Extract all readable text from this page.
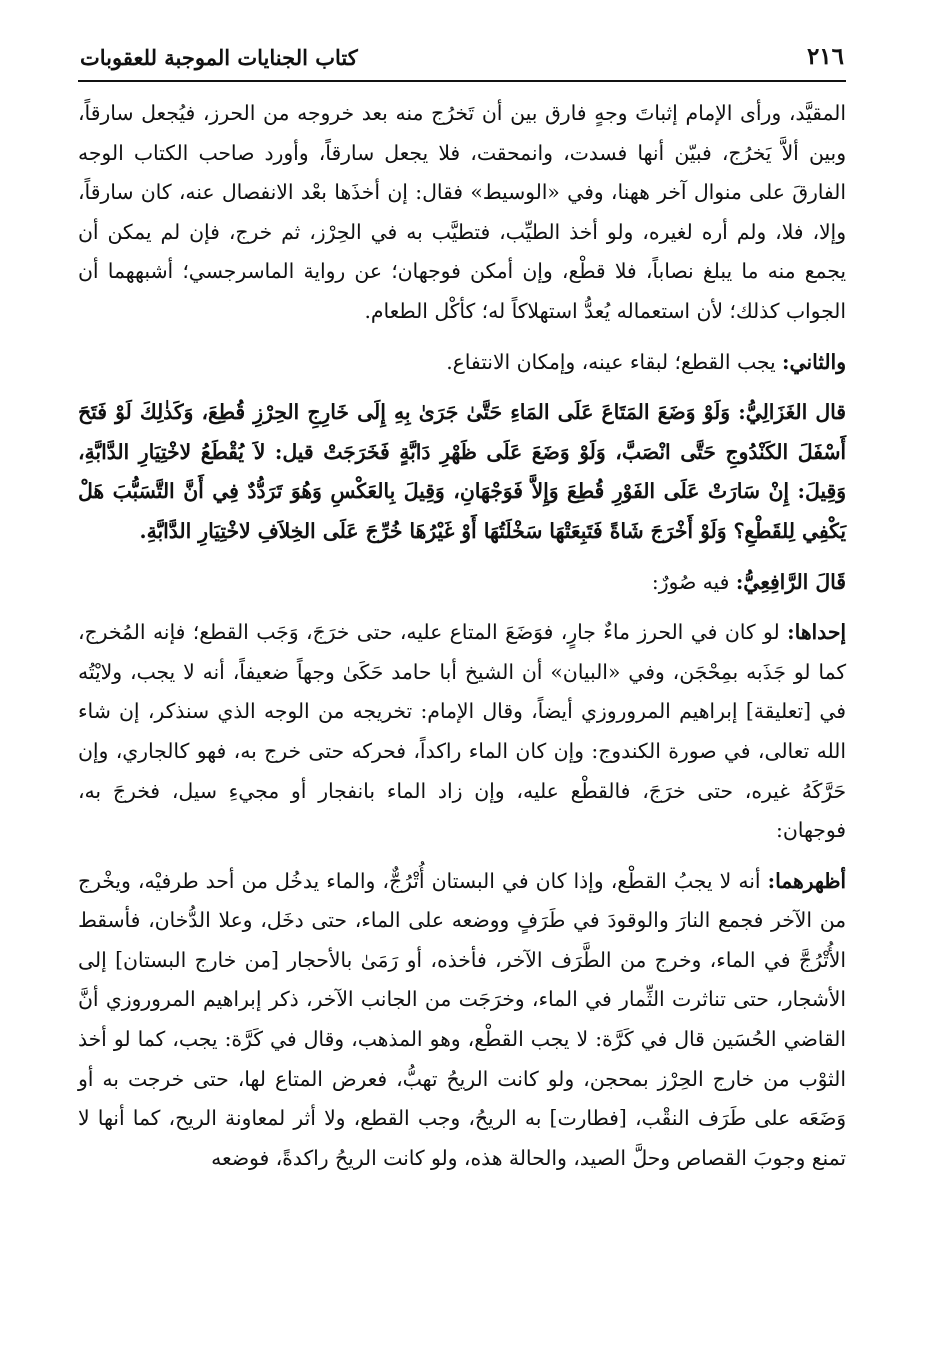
٢١٦
كتاب الجنايات الموجبة للعقوبات

المقيَّد، ورأى الإمام إثباتَ وجهٍ فارق بين أن تَخرُج منه بعد خروجه من الحرز، فيُجعل سارقاً، وبين ألاَّ يَخرُج، فبيّن أنها فسدت، وانمحقت، فلا يجعل سارقاً، وأورد صاحب الكتاب الوجه الفارقَ على منوال آخر ههنا، وفي «الوسيط» فقال: إن أخذَها بعْد الانفصال عنه، كان سارقاً، وإلا، فلا، ولم أره لغيره، ولو أخذ الطيِّب، فتطيَّب به في الحِرْز، ثم خرج، فإن لم يمكن أن يجمع منه ما يبلغ نصاباً، فلا قطْع، وإن أمكن فوجهان؛ عن رواية الماسرجسي؛ أشبههما أن الجواب كذلك؛ لأن استعماله يُعدُّ استهلاكاً له؛ كأكْل الطعام.

والثاني: يجب القطع؛ لبقاء عينه، وإمكان الانتفاع.

قال الغَزَالِيُّ: وَلَوْ وَضَعَ المَتَاعَ عَلَى المَاءِ حَتَّىٰ جَرَىٰ بِهِ إِلَى خَارِجِ الحِرْزِ قُطِعَ، وَكَذٰلِكَ لَوْ فَتَحَ أَسْفَلَ الكَنْدُوجِ حَتَّى انْصَبَّ، وَلَوْ وَضَعَ عَلَى ظَهْرِ دَابَّةٍ فَخَرَجَتْ قيل: لاَ يُقْطَعُ لاخْتِيَارِ الدَّابَّةِ، وَقِيلَ: إِنْ سَارَتْ عَلَى الفَوْرِ قُطِعَ وَإِلاَّ فَوَجْهَانِ، وَقِيلَ بِالعَكْسِ وَهُوَ تَرَدُّدٌ فِي أَنَّ التَّسَبُّبَ هَلْ يَكْفِي لِلقَطْعِ؟ وَلَوْ أَخْرَجَ شَاةً فَتَبِعَتْهَا سَخْلَتُهَا أَوْ غَيْرُهَا خُرِّجَ عَلَى الخِلاَفِ لاخْتِيَارِ الدَّابَّةِ.

قَالَ الرَّافِعِيُّ: فيه صُورٌ:

إحداها: لو كان في الحرز ماءٌ جارٍ، فوَضَعَ المتاع عليه، حتى خرَجَ، وَجَب القطع؛ فإنه المُخرج، كما لو جَذَبه بمِحْجَن، وفي «البيان» أن الشيخ أبا حامد حَكَىٰ وجهاً ضعيفاً، أنه لا يجب، ولايْتُه في [تعليقة] إبراهيم المروروزي أيضاً، وقال الإمام: تخريجه من الوجه الذي سنذكر، إن شاء الله تعالى، في صورة الكندوج: وإن كان الماء راكداً، فحركه حتى خرج به، فهو كالجاري، وإن حَرَّكَهُ غيره، حتى خرَجَ، فالقطْع عليه، وإن زاد الماء بانفجار أو مجيءِ سيل، فخرجَ به، فوجهان:

أظهرهما: أنه لا يجبُ القطْع، وإذا كان في البستان أُتْرُجٌّ، والماء يدخُل من أحد طرفيْه، ويخْرج من الآخر فجمع النارَ والوقودَ في طَرَفٍ ووضعه على الماء، حتى دخَل، وعلا الدُّخان، فأسقط الأُتْرُجَّ في الماء، وخرج من الطَّرَف الآخر، فأخذه، أو رَمَىٰ بالأحجار [من خارج البستان] إلى الأشجار، حتى تناثرت الثِّمار في الماء، وخرَجَت من الجانب الآخر، ذكر إبراهيم المروروزي أنَّ القاضي الحُسَين قال في كَرَّة: لا يجب القطْع، وهو المذهب، وقال في كَرَّة: يجب، كما لو أخذ الثوْب من خارج الحِرْز بمحجن، ولو كانت الريحُ تهبُّ، فعرض المتاع لها، حتى خرجت به أو وَضَعَه على طَرَف النقْب، [فطارت] به الريحُ، وجب القطع، ولا أثر لمعاونة الريح، كما أنها لا تمنع وجوبَ القصاص وحلَّ الصيد، والحالة هذه، ولو كانت الريحُ راكدةً، فوضعه
